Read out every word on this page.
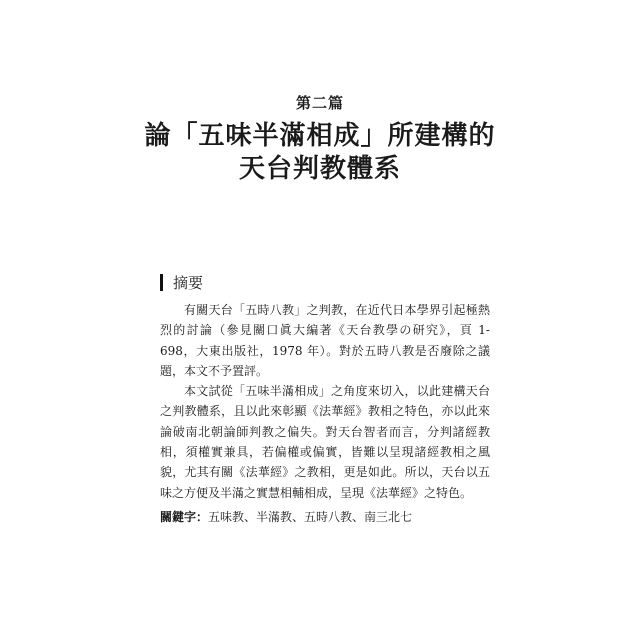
第二篇
論「五味半滿相成」所建構的
天台判教體系
摘要

有關天台「五時八教」之判教，在近代日本學界引起極熱烈的討論（參見關口眞大編著《天台教學の研究》，頁 1-698，大東出版社，1978 年）。對於五時八教是否廢除之議題，本文不予置評。

本文試從「五味半滿相成」之角度來切入，以此建構天台之判教體系，且以此來彰顯《法華經》教相之特色，亦以此來論破南北朝論師判教之偏失。對天台智者而言，分判諸經教相，須權實兼具，若偏權或偏實，皆難以呈現諸經教相之風貌，尤其有關《法華經》之教相，更是如此。所以，天台以五味之方便及半滿之實慧相輔相成，呈現《法華經》之特色。

關鍵字：五味教、半滿教、五時八教、南三北七
